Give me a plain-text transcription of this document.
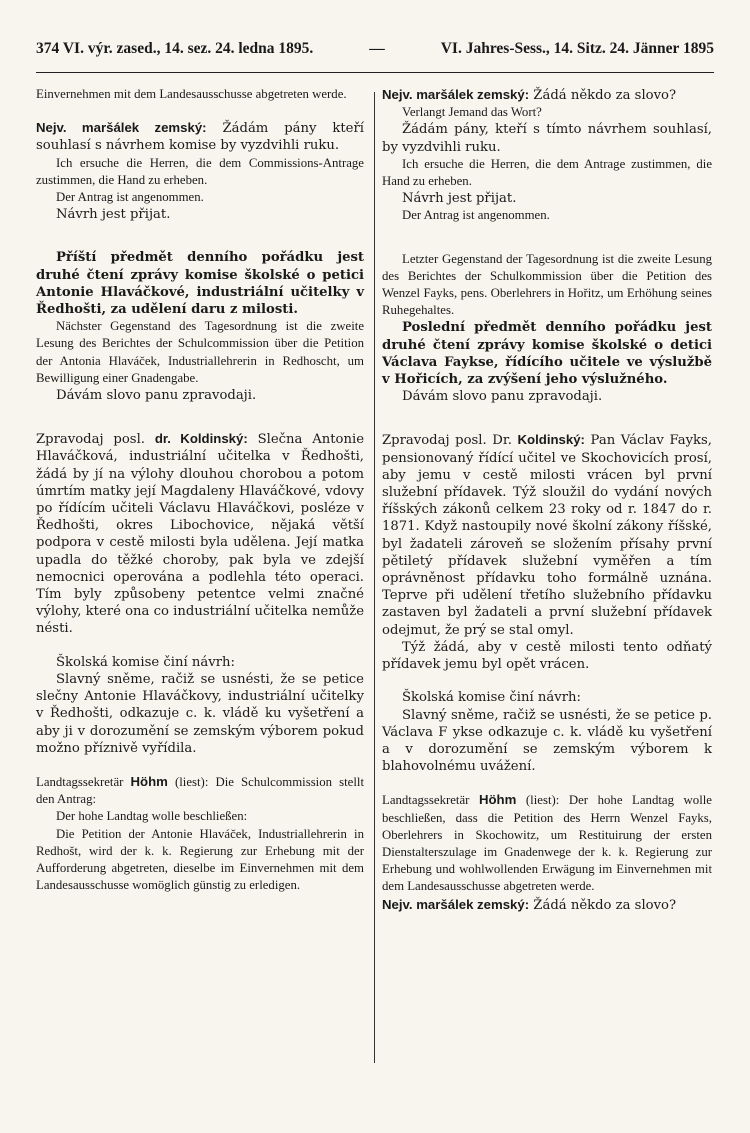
374 VI. výr. zased., 14. sez. 24. ledna 1895.	—	VI. Jahres-Sess., 14. Sitz. 24. Jänner 1895

Einvernehmen mit dem Landesausschusse abgetreten werde.

Nejv. maršálek zemský: Žádám pány kteří souhlasí s návrhem komise by vyzdvihli ruku.

Ich ersuche die Herren, die dem Commissions-Antrage zustimmen, die Hand zu erheben.

Der Antrag ist angenommen.

Návrh jest přijat.

Příští předmět denního pořádku jest druhé čtení zprávy komise školské o petici Antonie Hlaváčkové, industriální učitelky v Ředhošti, za udělení daru z milosti.

Nächster Gegenstand des Tagesordnung ist die zweite Lesung des Berichtes der Schulcommission über die Petition der Antonia Hlaváček, Industriallehrerin in Redhoscht, um Bewilligung einer Gnadengabe.

Dávám slovo panu zpravodaji.

Zpravodaj posl. dr. Koldinský: Slečna Antonie Hlaváčková, industriální učitelka v Ředhošti, žádá by jí na výlohy dlouhou chorobou a potom úmrtím matky její Magdaleny Hlaváčkové, vdovy po řídícím učiteli Václavu Hlaváčkovi, posléze v Ředhošti, okres Libochovice, nějaká větší podpora v cestě milosti byla udělena. Její matka upadla do těžké choroby, pak byla ve zdejší nemocnici operována a podlehla této operaci. Tím byly způsobeny petentce velmi značné výlohy, které ona co industriální učitelka nemůže nésti.

Školská komise činí návrh:

Slavný sněme, račiž se usnésti, že se petice slečny Antonie Hlaváčkovy, industriální učitelky v Ředhošti, odkazuje c. k. vládě ku vyšetření a aby ji v dorozumění se zemským výborem pokud možno příznivě vyřídila.

Landtagssekretär Höhm (liest): Die Schulcommission stellt den Antrag:

Der hohe Landtag wolle beschließen:

Die Petition der Antonie Hlaváček, Industriallehrerin in Redhošt, wird der k. k. Regierung zur Erhebung mit der Aufforderung abgetreten, dieselbe im Einvernehmen mit dem Landesausschusse womöglich günstig zu erledigen.

Nejv. maršálek zemský: Žádá někdo za slovo?

Verlangt Jemand das Wort?

Žádám pány, kteří s tímto návrhem souhlasí, by vyzdvihli ruku.

Ich ersuche die Herren, die dem Antrage zustimmen, die Hand zu erheben.

Návrh jest přijat.

Der Antrag ist angenommen.

Letzter Gegenstand der Tagesordnung ist die zweite Lesung des Berichtes der Schulkommission über die Petition des Wenzel Fayks, pens. Oberlehrers in Hořitz, um Erhöhung seines Ruhegehaltes.

Poslední předmět denního pořádku jest druhé čtení zprávy komise školské o detici Václava Faykse, řídícího učitele ve výslužbě v Hořicích, za zvýšení jeho výslužného.

Dávám slovo panu zpravodaji.

Zpravodaj posl. Dr. Koldinský: Pan Václav Fayks, pensionovaný řídící učitel ve Skochovicích prosí, aby jemu v cestě milosti vrácen byl první služební přídavek. Týž sloužil do vydání nových říšských zákonů celkem 23 roky od r. 1847 do r. 1871. Když nastoupily nové školní zákony říšské, byl žadateli zároveň se složením přísahy první pětiletý přídavek služební vyměřen a tím oprávněnost přídavku toho formálně uznána. Teprve při udělení třetího služebního přídavku zastaven byl žadateli a první služební přídavek odejmut, že prý se stal omyl.

Týž žádá, aby v cestě milosti tento odňatý přídavek jemu byl opět vrácen.

Školská komise činí návrh:

Slavný sněme, račiž se usnésti, že se petice p. Václava F ykse odkazuje c. k. vládě ku vyšetření a v dorozumění se zemským výborem k blahovolnému uvážení.

Landtagssekretär Höhm (liest): Der hohe Landtag wolle beschließen, dass die Petition des Herrn Wenzel Fayks, Oberlehrers in Skochowitz, um Restituirung der ersten Dienstalterszulage im Gnadenwege der k. k. Regierung zur Erhebung und wohlwollenden Erwägung im Einvernehmen mit dem Landesausschusse abgetreten werde.

Nejv. maršálek zemský: Žádá někdo za slovo?
